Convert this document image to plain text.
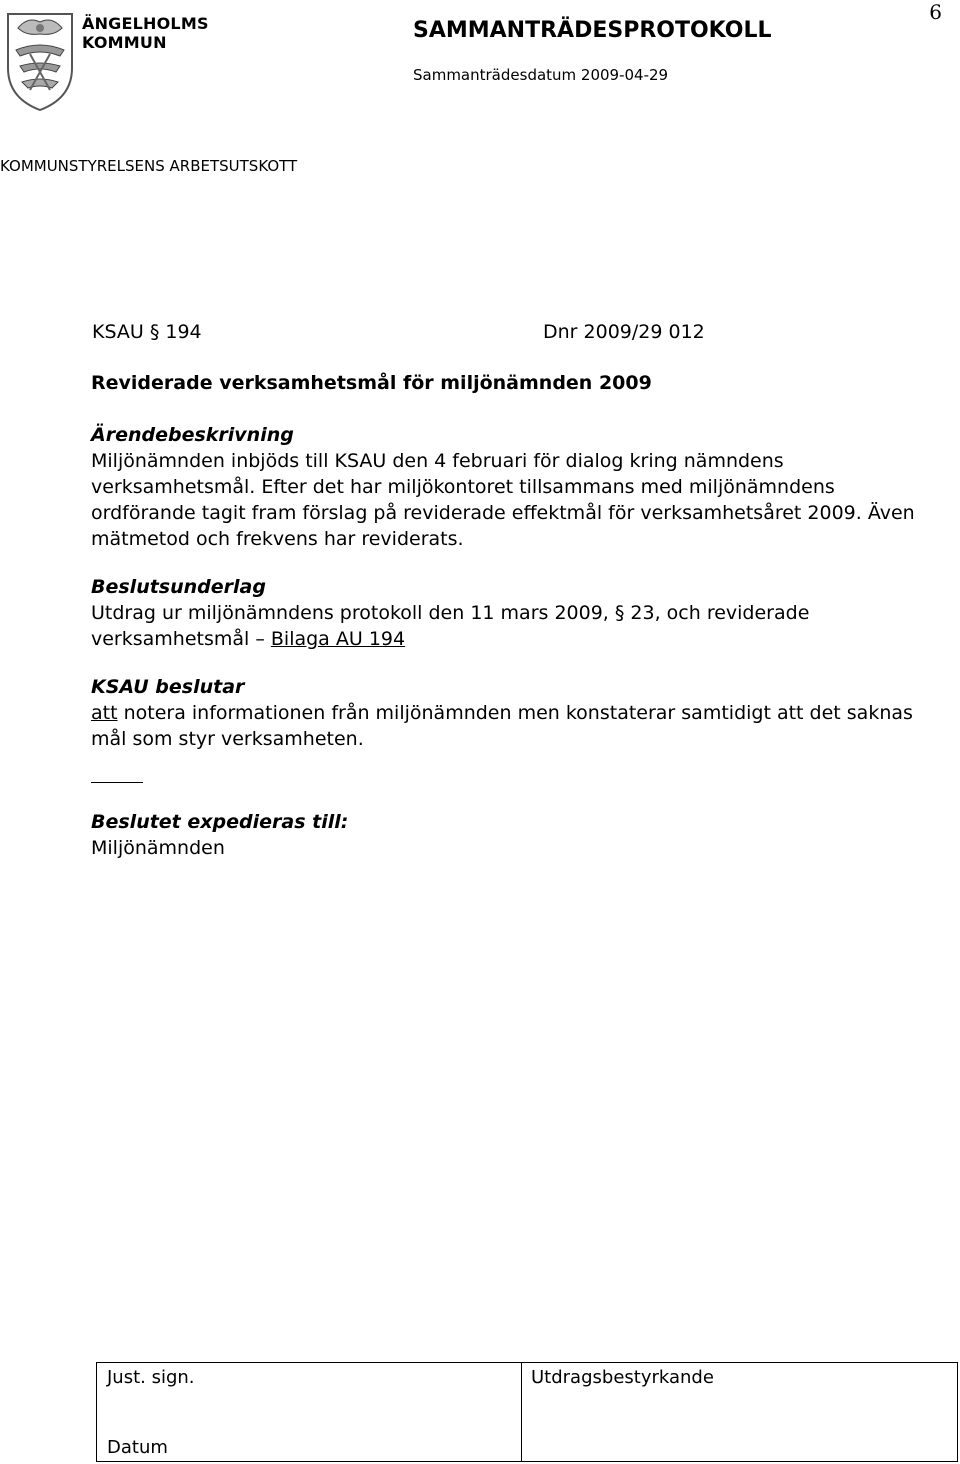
6
ÄNGELHOLMS
KOMMUN	SAMMANTRÄDESPROTOKOLL
Sammanträdesdatum 2009-04-29
KOMMUNSTYRELSENS ARBETSUTSKOTT
KSAU § 194	Dnr 2009/29 012
Reviderade verksamhetsmål för miljönämnden 2009
Ärendebeskrivning

Miljönämnden inbjöds till KSAU den 4 februari för dialog kring nämndens verksamhetsmål. Efter det har miljökontoret tillsammans med miljönämndens ordförande tagit fram förslag på reviderade effektmål för verksamhetsåret 2009. Även mätmetod och frekvens har reviderats.

Beslutsunderlag

Utdrag ur miljönämndens protokoll den 11 mars 2009, § 23, och reviderade verksamhetsmål – Bilaga AU 194

KSAU beslutar

att notera informationen från miljönämnden men konstaterar samtidigt att det saknas mål som styr verksamheten.

Beslutet expedieras till:
Miljönämnden
Just. sign.	Utdragsbestyrkande
Datum
